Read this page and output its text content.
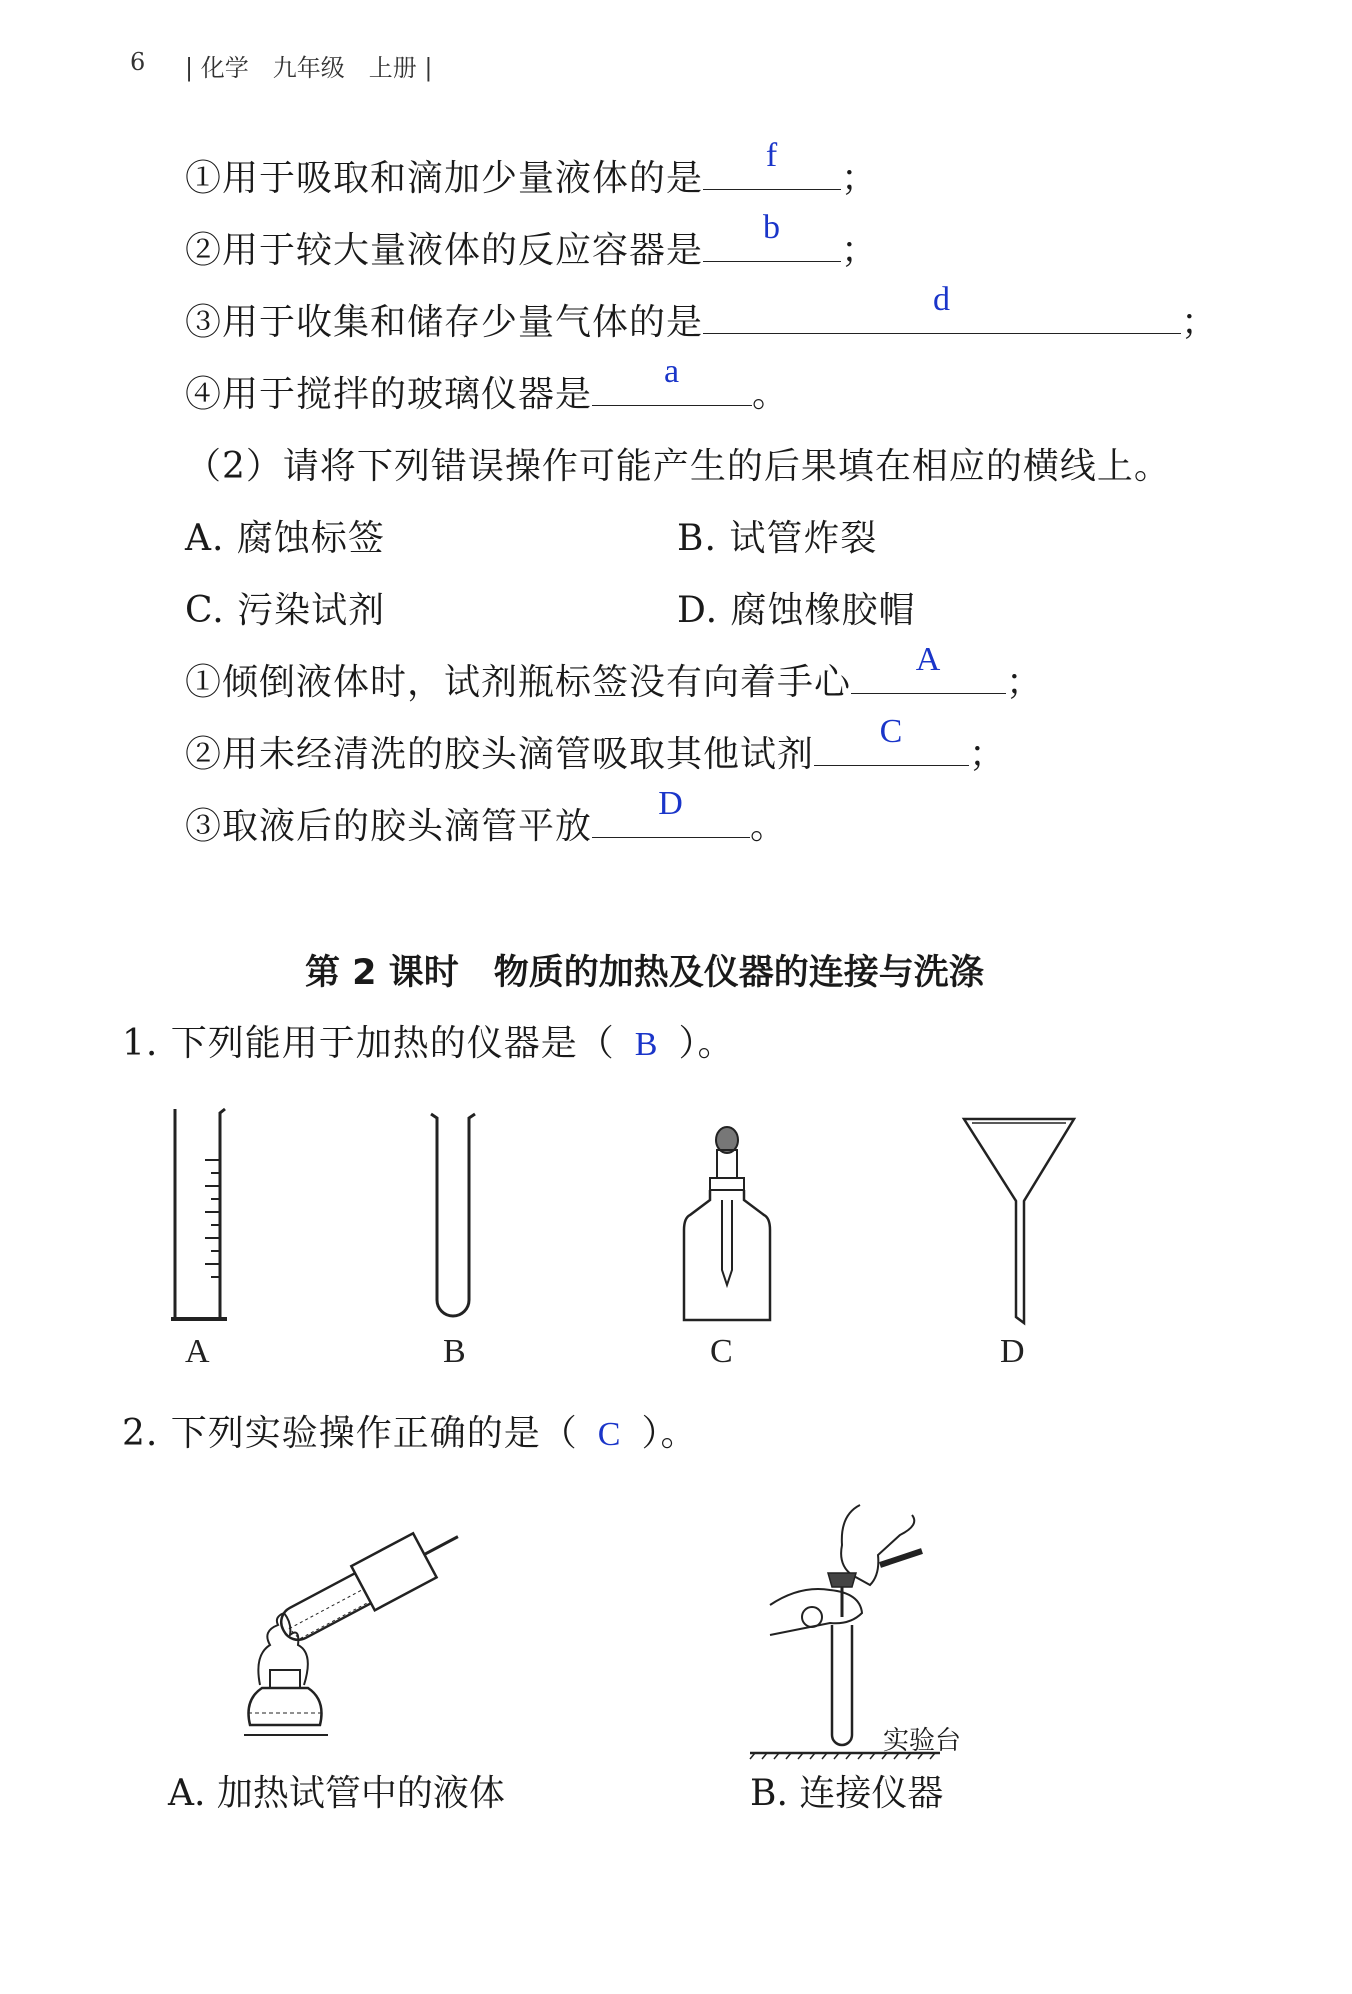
6 | 化学　九年级　上册 |
①用于吸取和滴加少量液体的是
f
；
②用于较大量液体的反应容器是
b
；
③用于收集和储存少量气体的是
d
；
④用于搅拌的玻璃仪器是
a
。
（2）请将下列错误操作可能产生的后果填在相应的横线上。
A. 腐蚀标签	B. 试管炸裂
C. 污染试剂	D. 腐蚀橡胶帽
①倾倒液体时，试剂瓶标签没有向着手心
A
；
②用未经清洗的胶头滴管吸取其他试剂
C
；
③取液后的胶头滴管平放
D
。
第 2 课时　物质的加热及仪器的连接与洗涤
1. 下列能用于加热的仪器是（ B ）。
A	B	C	D
2. 下列实验操作正确的是（ C ）。
A. 加热试管中的液体
实验台
B. 连接仪器
